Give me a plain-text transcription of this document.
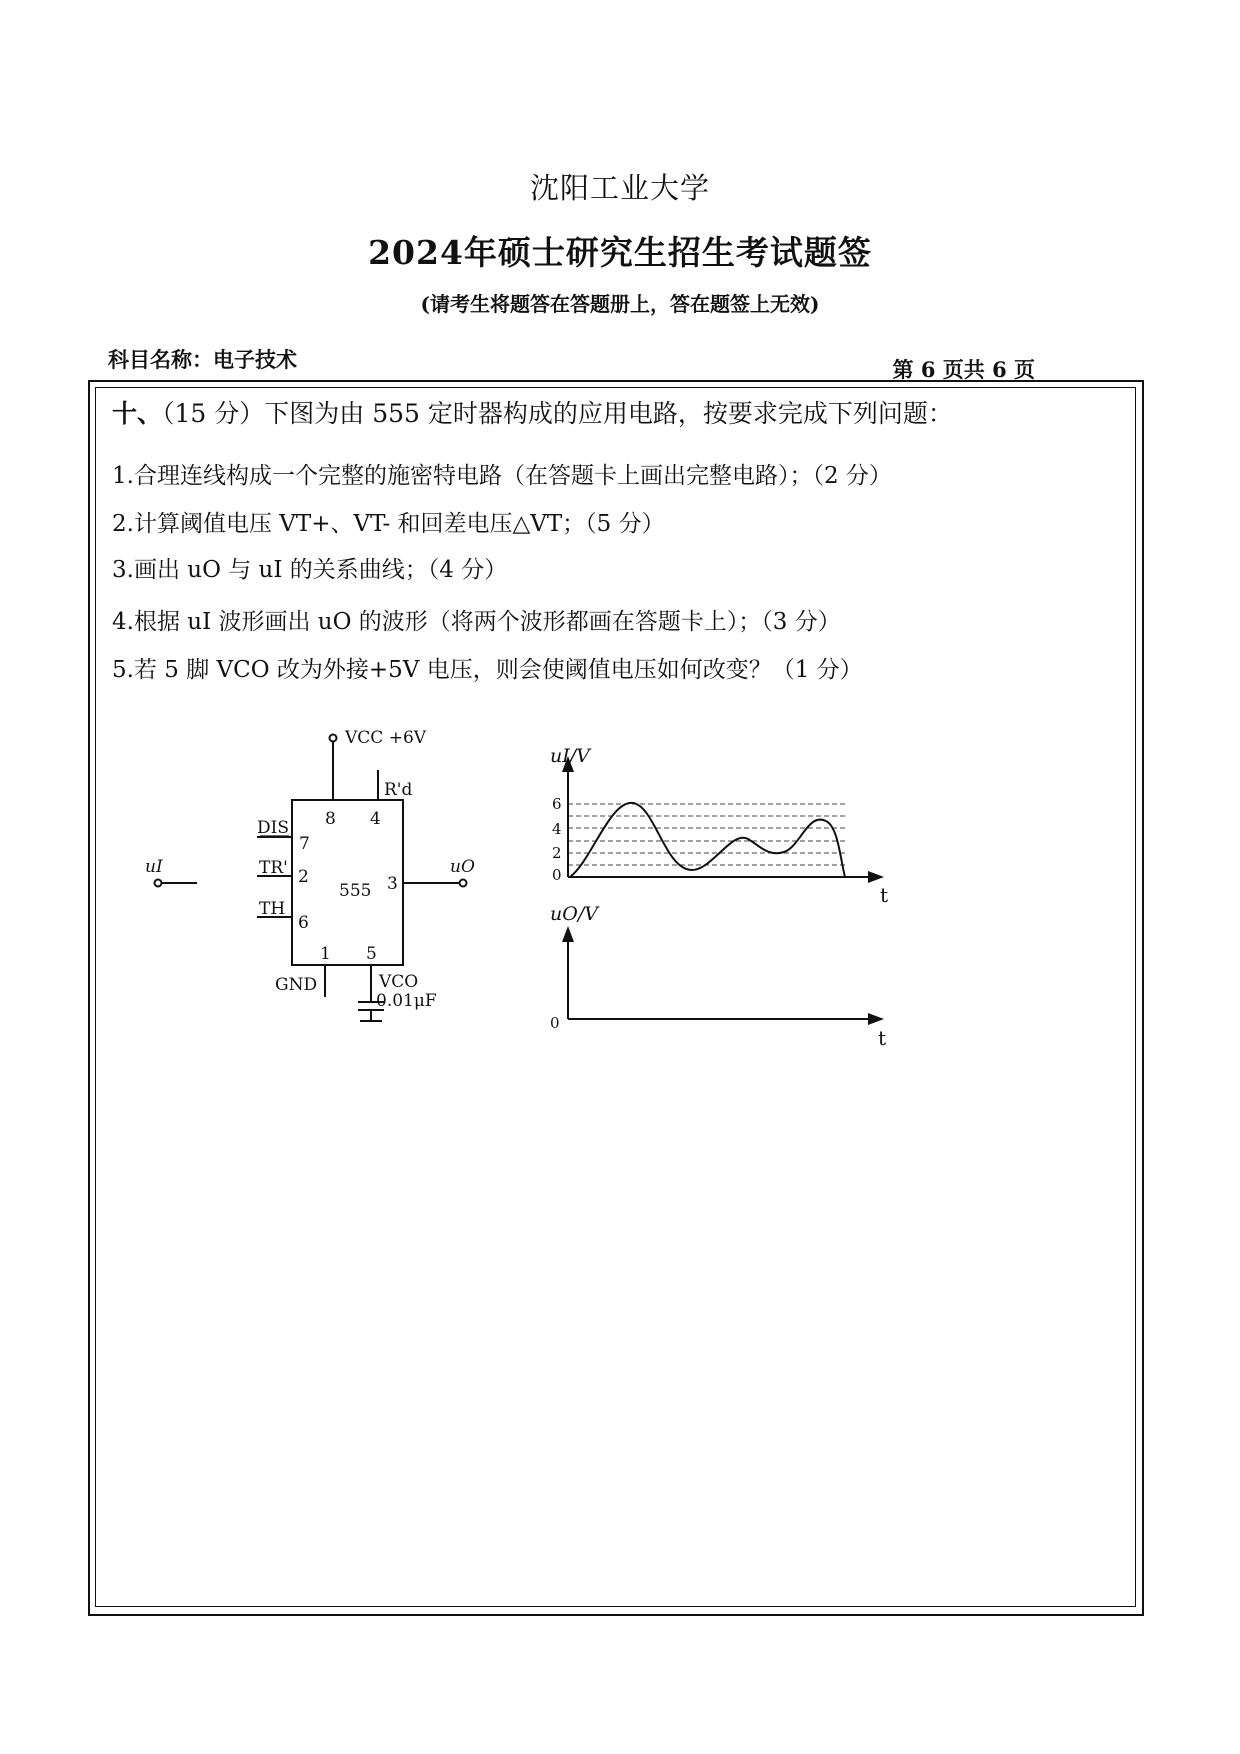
沈阳工业大学
2024年硕士研究生招生考试题签
(请考生将题答在答题册上，答在题签上无效)
科目名称：电子技术	第 6 页共 6 页
十、（15 分）下图为由 555 定时器构成的应用电路，按要求完成下列问题：
1.合理连线构成一个完整的施密特电路（在答题卡上画出完整电路）；（2 分）
2.计算阈值电压 VT+、VT- 和回差电压△VT；（5 分）
3.画出 uO 与 uI 的关系曲线；（4 分）
4.根据 uI 波形画出 uO 的波形（将两个波形都画在答题卡上）；（3 分）
5.若 5 脚 VCO 改为外接+5V 电压，则会使阈值电压如何改变？（1 分）
VCC +6V
R'd
8 4
DIS
7
TR' 2
TH
6
555 3
1 5
GND	VCO
0.01μF
uI	uO
6
4
2
0
uI/V
t
0
uO/V
t
